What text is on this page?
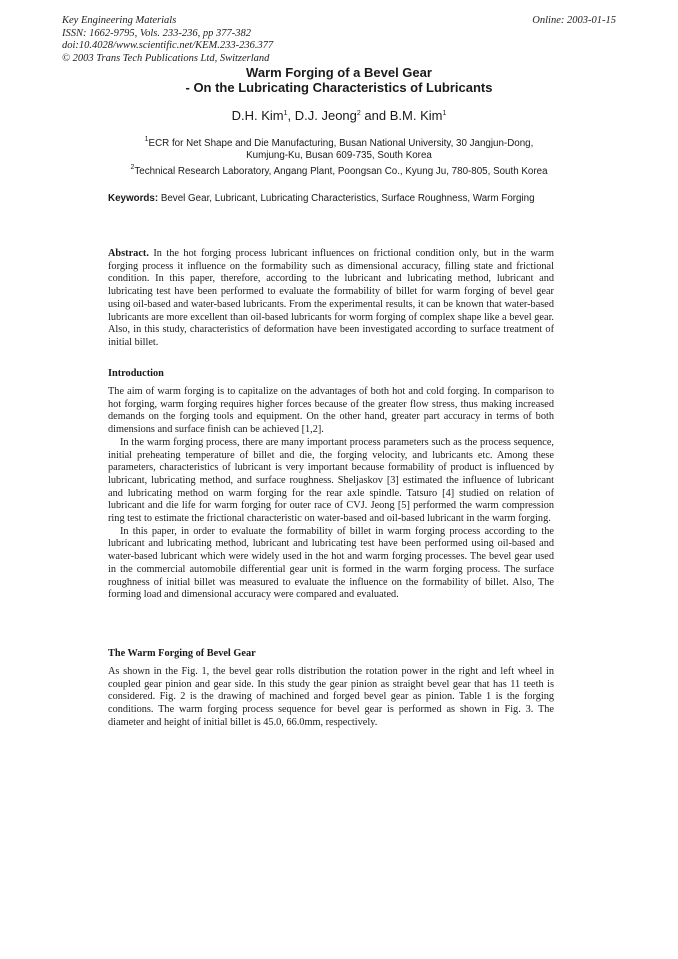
Key Engineering Materials
ISSN: 1662-9795, Vols. 233-236, pp 377-382
doi:10.4028/www.scientific.net/KEM.233-236.377
© 2003 Trans Tech Publications Ltd, Switzerland
Online: 2003-01-15
Warm Forging of a Bevel Gear
- On the Lubricating Characteristics of Lubricants
D.H. Kim$^1$, D.J. Jeong$^2$ and B.M. Kim$^1$
$^1$ECR for Net Shape and Die Manufacturing, Busan National University, 30 Jangjun-Dong,
Kumjung-Ku, Busan 609-735, South Korea
$^2$Technical Research Laboratory, Angang Plant, Poongsan Co., Kyung Ju, 780-805, South Korea
Keywords: Bevel Gear, Lubricant, Lubricating Characteristics, Surface Roughness, Warm Forging
Abstract. In the hot forging process lubricant influences on frictional condition only, but in the warm forging process it influence on the formability such as dimensional accuracy, filling state and frictional condition. In this paper, therefore, according to the lubricant and lubricating method, lubricant and lubricating test have been performed to evaluate the formability of billet for warm forging of bevel gear using oil-based and water-based lubricants. From the experimental results, it can be known that water-based lubricants are more excellent than oil-based lubricants for worm forging of complex shape like a bevel gear. Also, in this study, characteristics of deformation have been investigated according to surface treatment of initial billet.
Introduction

The aim of warm forging is to capitalize on the advantages of both hot and cold forging. In comparison to hot forging, warm forging requires higher forces because of the greater flow stress, thus making increased demands on the forging tools and equipment. On the other hand, greater part accuracy in terms of both dimensions and surface finish can be achieved [1,2].

In the warm forging process, there are many important process parameters such as the process sequence, initial preheating temperature of billet and die, the forging velocity, and lubricants etc. Among these parameters, characteristics of lubricant is very important because formability of product is influenced by lubricant, lubricating method, and surface roughness. Sheljaskov [3] estimated the influence of lubricant and lubricating method on warm forging for the rear axle spindle. Tatsuro [4] studied on relation of lubricant and die life for warm forging for outer race of CVJ. Jeong [5] performed the warm compression ring test to estimate the frictional characteristic on water-based and oil-based lubricant in the warm forging.

In this paper, in order to evaluate the formability of billet in warm forging process according to the lubricant and lubricating method, lubricant and lubricating test have been performed using oil-based and water-based lubricant which were widely used in the hot and warm forging processes. The bevel gear used in the commercial automobile differential gear unit is formed in the warm forging process. The surface roughness of initial billet was measured to evaluate the influence on the formability of billet. Also, The forming load and dimensional accuracy were compared and evaluated.

The Warm Forging of Bevel Gear

As shown in the Fig. 1, the bevel gear rolls distribution the rotation power in the right and left wheel in coupled gear pinion and gear side. In this study the gear pinion as straight bevel gear that has 11 teeth is considered. Fig. 2 is the drawing of machined and forged bevel gear as pinion. Table 1 is the forging conditions. The warm forging process sequence for bevel gear is performed as shown in Fig. 3. The diameter and height of initial billet is 45.0, 66.0mm, respectively.
